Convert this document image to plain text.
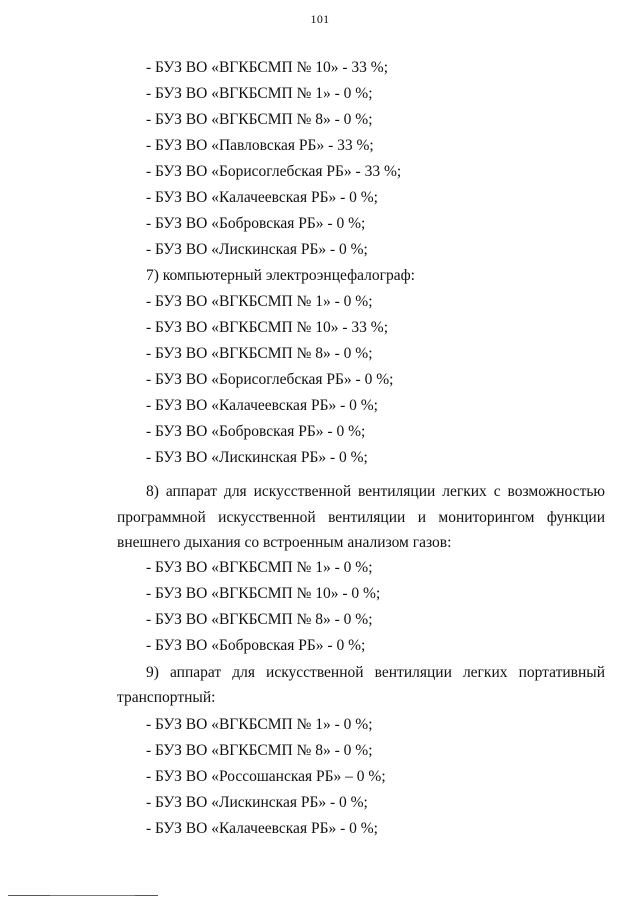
101
- БУЗ ВО «ВГКБСМП № 10» - 33 %;
- БУЗ ВО «ВГКБСМП № 1» - 0 %;
- БУЗ ВО «ВГКБСМП № 8» - 0 %;
- БУЗ ВО «Павловская РБ» - 33 %;
- БУЗ ВО «Борисоглебская РБ» - 33 %;
- БУЗ ВО «Калачеевская РБ» - 0 %;
- БУЗ ВО «Бобровская РБ» - 0 %;
- БУЗ ВО «Лискинская РБ» - 0 %;
7) компьютерный электроэнцефалограф:
- БУЗ ВО «ВГКБСМП № 1» - 0 %;
- БУЗ ВО «ВГКБСМП № 10» - 33 %;
- БУЗ ВО «ВГКБСМП № 8» - 0 %;
- БУЗ ВО «Борисоглебская РБ» - 0 %;
- БУЗ ВО «Калачеевская РБ» - 0 %;
- БУЗ ВО «Бобровская РБ» - 0 %;
- БУЗ ВО «Лискинская РБ» - 0 %;
8) аппарат для искусственной вентиляции легких с возможностью
программной искусственной вентиляции и мониторингом функции
внешнего дыхания со встроенным анализом газов:
- БУЗ ВО «ВГКБСМП № 1» - 0 %;
- БУЗ ВО «ВГКБСМП № 10» - 0 %;
- БУЗ ВО «ВГКБСМП № 8» - 0 %;
- БУЗ ВО «Бобровская РБ» - 0 %;
9) аппарат для искусственной вентиляции легких портативный
транспортный:
- БУЗ ВО «ВГКБСМП № 1» - 0 %;
- БУЗ ВО «ВГКБСМП № 8» - 0 %;
- БУЗ ВО «Россошанская РБ» – 0 %;
- БУЗ ВО «Лискинская РБ» - 0 %;
- БУЗ ВО «Калачеевская РБ» - 0 %;
